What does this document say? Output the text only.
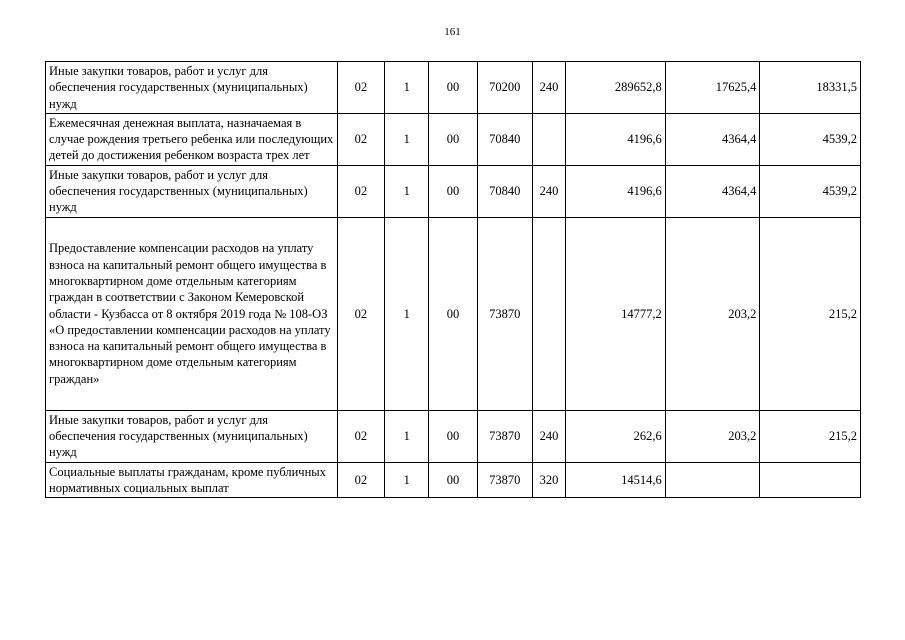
161
Иные закупки товаров, работ и услуг для обеспечения государственных (муниципальных) нужд	02	1	00	70200	240	289652,8	17625,4	18331,5
Ежемесячная денежная выплата, назначаемая в случае рождения третьего ребенка или последующих детей до достижения ребенком возраста трех лет	02	1	00	70840		4196,6	4364,4	4539,2
Иные закупки товаров, работ и услуг для обеспечения государственных (муниципальных) нужд	02	1	00	70840	240	4196,6	4364,4	4539,2
Предоставление компенсации расходов на уплату взноса на капитальный ремонт общего имущества в многоквартирном доме отдельным категориям граждан в соответствии с Законом Кемеровской области - Кузбасса от 8 октября 2019 года № 108-ОЗ «О предоставлении компенсации расходов на уплату взноса на капитальный ремонт общего имущества в многоквартирном доме отдельным категориям граждан»	02	1	00	73870		14777,2	203,2	215,2
Иные закупки товаров, работ и услуг для обеспечения государственных (муниципальных) нужд	02	1	00	73870	240	262,6	203,2	215,2
Социальные выплаты гражданам, кроме публичных нормативных социальных выплат	02	1	00	73870	320	14514,6		
